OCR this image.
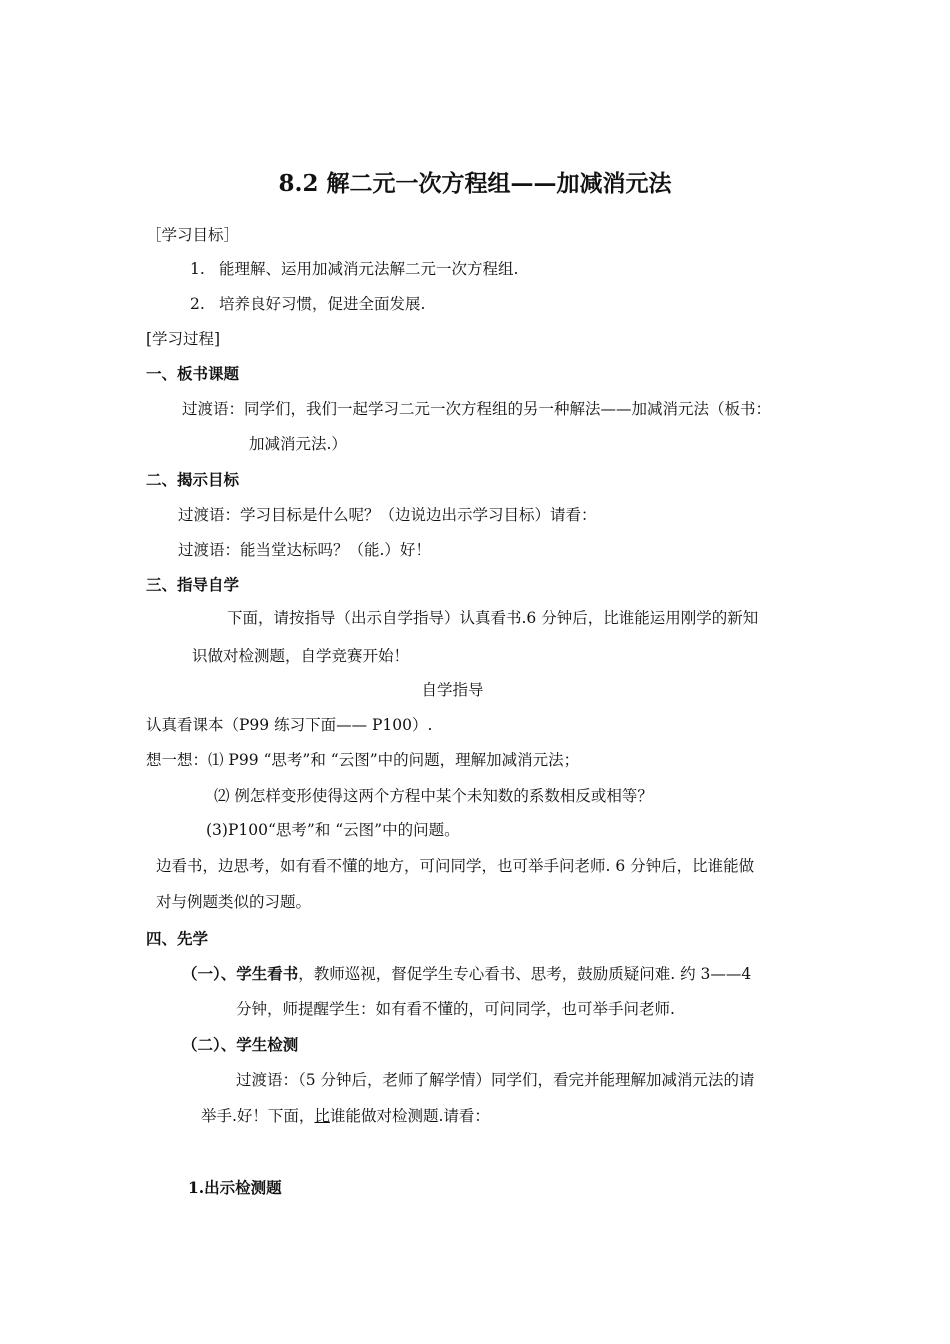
8.2 解二元一次方程组——加减消元法
［学习目标］
1. 能理解、运用加减消元法解二元一次方程组.
2. 培养良好习惯，促进全面发展.
[学习过程]
一、板书课题
过渡语：同学们，我们一起学习二元一次方程组的另一种解法——加减消元法（板书：
加减消元法.）
二、揭示目标
过渡语：学习目标是什么呢？（边说边出示学习目标）请看：
过渡语：能当堂达标吗？（能.）好！
三、指导自学
下面，请按指导（出示自学指导）认真看书.6 分钟后，比谁能运用刚学的新知
识做对检测题，自学竞赛开始！
自学指导
认真看课本（P99 练习下面—— P100）.
想一想：⑴ P99 “思考”和 “云图”中的问题，理解加减消元法；
⑵ 例怎样变形使得这两个方程中某个未知数的系数相反或相等？
(3)P100“思考”和 “云图”中的问题。
边看书，边思考，如有看不懂的地方，可问同学，也可举手问老师. 6 分钟后，比谁能做
对与例题类似的习题。
四、先学
（一）、学生看书，教师巡视，督促学生专心看书、思考，鼓励质疑问难. 约 3——4
分钟，师提醒学生：如有看不懂的，可问同学，也可举手问老师.
（二）、学生检测
过渡语：（5 分钟后，老师了解学情）同学们，看完并能理解加减消元法的请
举手.好！下面，比谁能做对检测题.请看：
1.出示检测题
